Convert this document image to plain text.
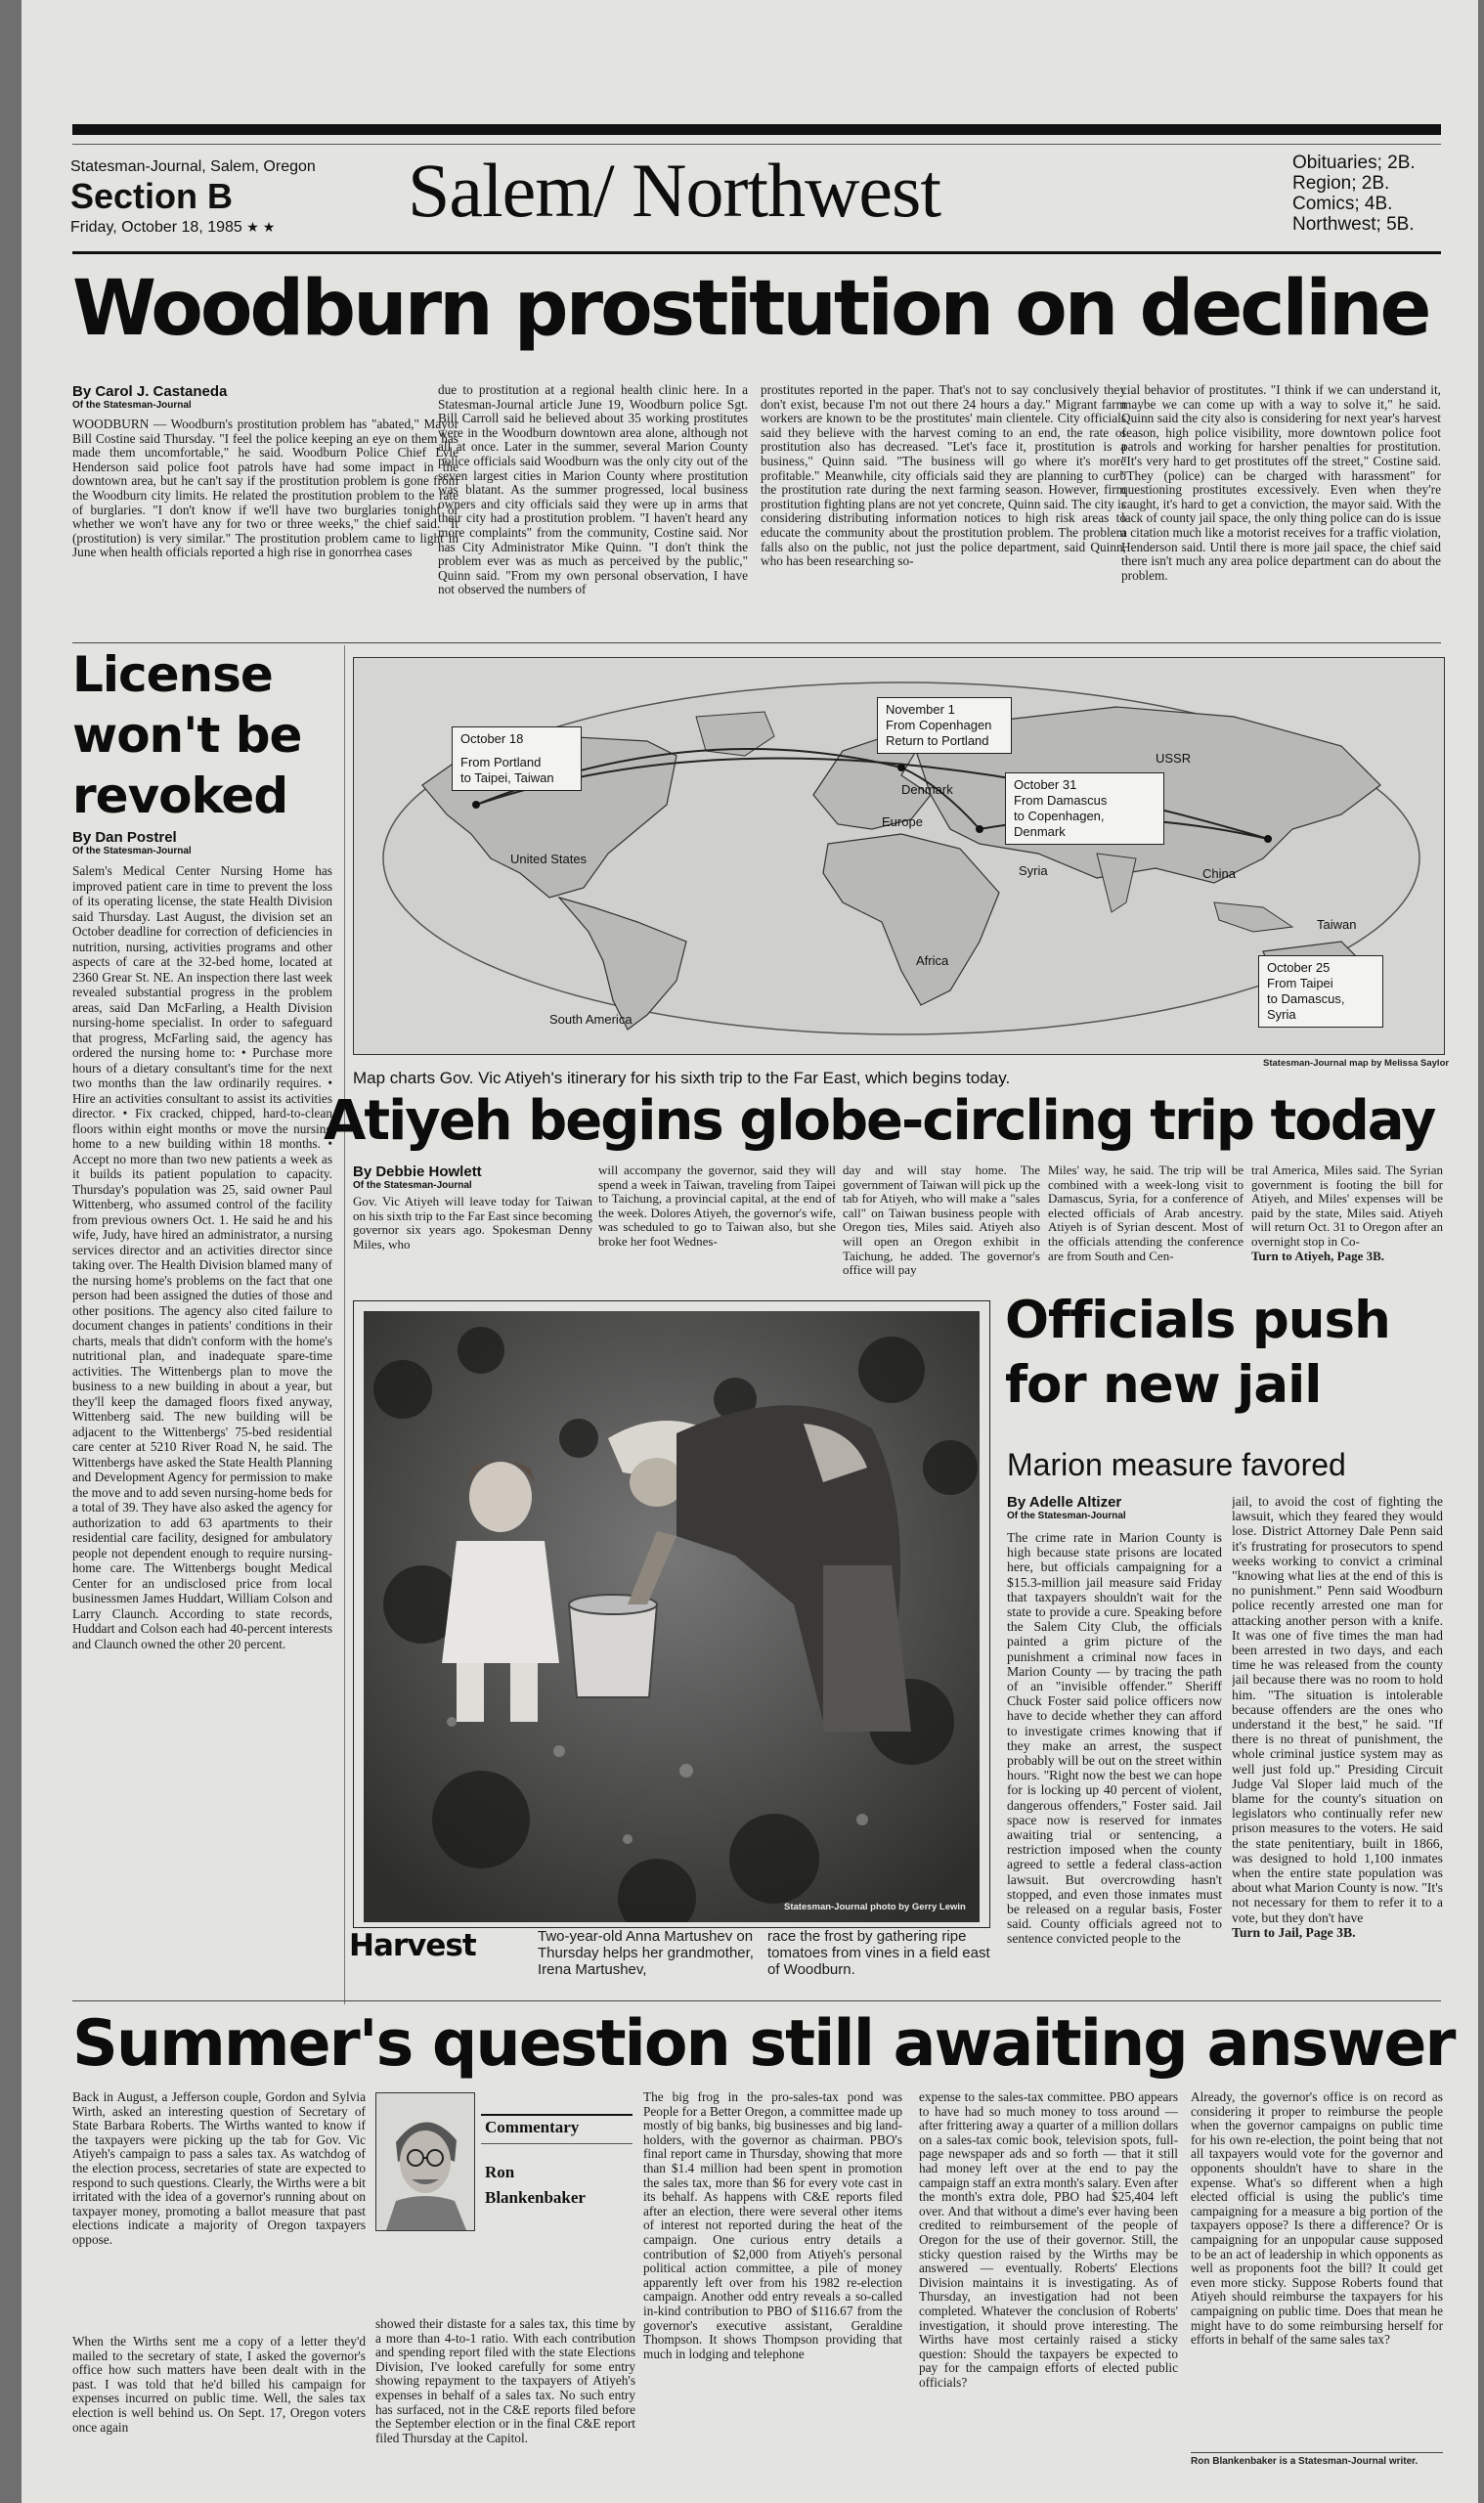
Statesman-Journal, Salem, Oregon
Section B
Friday, October 18, 1985 ★ ★ Salem/ Northwest	Obituaries; 2B.
Region; 2B.
Comics; 4B.
Northwest; 5B.
Woodburn prostitution on decline
By Carol J. Castaneda
Of the Statesman-Journal
WOODBURN — Woodburn's prostitution problem has "abated," Mayor Bill Costine said Thursday. "I feel the police keeping an eye on them has made them uncomfortable," he said. Woodburn Police Chief Lyle Henderson said police foot patrols have had some impact in the downtown area, but he can't say if the prostitution problem is gone from the Woodburn city limits. He related the prostitution problem to the rate of burglaries. "I don't know if we'll have two burglaries tonight or whether we won't have any for two or three weeks," the chief said. "It (prostitution) is very similar." The prostitution problem came to light in June when health officials reported a high rise in gonorrhea cases
due to prostitution at a regional health clinic here. In a Statesman-Journal article June 19, Woodburn police Sgt. Bill Carroll said he believed about 35 working prostitutes were in the Woodburn downtown area alone, although not all at once. Later in the summer, several Marion County police officials said Woodburn was the only city out of the seven largest cities in Marion County where prostitution was blatant. As the summer progressed, local business owners and city officials said they were up in arms that their city had a prostitution problem. "I haven't heard any more complaints" from the community, Costine said. Nor has City Administrator Mike Quinn. "I don't think the problem ever was as much as perceived by the public," Quinn said. "From my own personal observation, I have not observed the numbers of
prostitutes reported in the paper. That's not to say conclusively they don't exist, because I'm not out there 24 hours a day." Migrant farm workers are known to be the prostitutes' main clientele. City officials said they believe with the harvest coming to an end, the rate of prostitution also has decreased. "Let's face it, prostitution is a business," Quinn said. "The business will go where it's more profitable." Meanwhile, city officials said they are planning to curb the prostitution rate during the next farming season. However, firm prostitution fighting plans are not yet concrete, Quinn said. The city is considering distributing information notices to high risk areas to educate the community about the prostitution problem. The problem falls also on the public, not just the police department, said Quinn, who has been researching so-
cial behavior of prostitutes. "I think if we can understand it, maybe we can come up with a way to solve it," he said. Quinn said the city also is considering for next year's harvest season, high police visibility, more downtown police foot patrols and working for harsher penalties for prostitution. "It's very hard to get prostitutes off the street," Costine said. "They (police) can be charged with harassment" for questioning prostitutes excessively. Even when they're caught, it's hard to get a conviction, the mayor said. With the lack of county jail space, the only thing police can do is issue a citation much like a motorist receives for a traffic violation, Henderson said. Until there is more jail space, the chief said there isn't much any area police department can do about the problem.
License
won't be
revoked
By Dan Postrel
Of the Statesman-Journal
Salem's Medical Center Nursing Home has improved patient care in time to prevent the loss of its operating license, the state Health Division said Thursday. Last August, the division set an October deadline for correction of deficiencies in nutrition, nursing, activities programs and other aspects of care at the 32-bed home, located at 2360 Grear St. NE. An inspection there last week revealed substantial progress in the problem areas, said Dan McFarling, a Health Division nursing-home specialist. In order to safeguard that progress, McFarling said, the agency has ordered the nursing home to: • Purchase more hours of a dietary consultant's time for the next two months than the law ordinarily requires. • Hire an activities consultant to assist its activities director. • Fix cracked, chipped, hard-to-clean floors within eight months or move the nursing home to a new building within 18 months. • Accept no more than two new patients a week as it builds its patient population to capacity. Thursday's population was 25, said owner Paul Wittenberg, who assumed control of the facility from previous owners Oct. 1. He said he and his wife, Judy, have hired an administrator, a nursing services director and an activities director since taking over. The Health Division blamed many of the nursing home's problems on the fact that one person had been assigned the duties of those and other positions. The agency also cited failure to document changes in patients' conditions in their charts, meals that didn't conform with the home's nutritional plan, and inadequate spare-time activities. The Wittenbergs plan to move the business to a new building in about a year, but they'll keep the damaged floors fixed anyway, Wittenberg said. The new building will be adjacent to the Wittenbergs' 75-bed residential care center at 5210 River Road N, he said. The Wittenbergs have asked the State Health Planning and Development Agency for permission to make the move and to add seven nursing-home beds for a total of 39. They have also asked the agency for authorization to add 63 apartments to their residential care facility, designed for ambulatory people not dependent enough to require nursing-home care. The Wittenbergs bought Medical Center for an undisclosed price from local businessmen James Huddart, William Colson and Larry Claunch. According to state records, Huddart and Colson each had 40-percent interests and Claunch owned the other 20 percent.
United States
South America
Africa
Europe
Denmark
USSR
China
Syria
Taiwan
October 18
From Portland
to Taipei, Taiwan
November 1
From Copenhagen
Return to Portland
October 31
From Damascus
to Copenhagen, Denmark
October 25
From Taipei
to Damascus, Syria
Statesman-Journal map by Melissa Saylor
Map charts Gov. Vic Atiyeh's itinerary for his sixth trip to the Far East, which begins today.
Atiyeh begins globe-circling trip today
By Debbie Howlett
Of the Statesman-Journal
Gov. Vic Atiyeh will leave today for Taiwan on his sixth trip to the Far East since becoming governor six years ago. Spokesman Denny Miles, who
will accompany the governor, said they will spend a week in Taiwan, traveling from Taipei to Taichung, a provincial capital, at the end of the week. Dolores Atiyeh, the governor's wife, was scheduled to go to Taiwan also, but she broke her foot Wednes-
day and will stay home. The government of Taiwan will pick up the tab for Atiyeh, who will make a "sales call" on Taiwan business people with Oregon ties, Miles said. Atiyeh also will open an Oregon exhibit in Taichung, he added. The governor's office will pay
Miles' way, he said. The trip will be combined with a week-long visit to Damascus, Syria, for a conference of elected officials of Arab ancestry. Atiyeh is of Syrian descent. Most of the officials attending the conference are from South and Cen-
tral America, Miles said. The Syrian government is footing the bill for Atiyeh, and Miles' expenses will be paid by the state, Miles said. Atiyeh will return Oct. 31 to Oregon after an overnight stop in Co-
Turn to Atiyeh, Page 3B.
Statesman-Journal photo by Gerry Lewin
Harvest	Two-year-old Anna Martushev on Thursday helps her grandmother, Irena Martushev,
race the frost by gathering ripe tomatoes from vines in a field east of Woodburn.
Officials push
for new jail
Marion measure favored
By Adelle Altizer
Of the Statesman-Journal
The crime rate in Marion County is high because state prisons are located here, but officials campaigning for a $15.3-million jail measure said Friday that taxpayers shouldn't wait for the state to provide a cure. Speaking before the Salem City Club, the officials painted a grim picture of the punishment a criminal now faces in Marion County — by tracing the path of an "invisible offender." Sheriff Chuck Foster said police officers now have to decide whether they can afford to investigate crimes knowing that if they make an arrest, the suspect probably will be out on the street within hours. "Right now the best we can hope for is locking up 40 percent of violent, dangerous offenders," Foster said. Jail space now is reserved for inmates awaiting trial or sentencing, a restriction imposed when the county agreed to settle a federal class-action lawsuit. But overcrowding hasn't stopped, and even those inmates must be released on a regular basis, Foster said. County officials agreed not to sentence convicted people to the
jail, to avoid the cost of fighting the lawsuit, which they feared they would lose. District Attorney Dale Penn said it's frustrating for prosecutors to spend weeks working to convict a criminal "knowing what lies at the end of this is no punishment." Penn said Woodburn police recently arrested one man for attacking another person with a knife. It was one of five times the man had been arrested in two days, and each time he was released from the county jail because there was no room to hold him. "The situation is intolerable because offenders are the ones who understand it the best," he said. "If there is no threat of punishment, the whole criminal justice system may as well just fold up." Presiding Circuit Judge Val Sloper laid much of the blame for the county's situation on legislators who continually refer new prison measures to the voters. He said the state penitentiary, built in 1866, was designed to hold 1,100 inmates when the entire state population was about what Marion County is now. "It's not necessary for them to refer it to a vote, but they don't have
Turn to Jail, Page 3B.
Summer's question still awaiting answer
Back in August, a Jefferson couple, Gordon and Sylvia Wirth, asked an interesting question of Secretary of State Barbara Roberts. The Wirths wanted to know if the taxpayers were picking up the tab for Gov. Vic Atiyeh's campaign to pass a sales tax. As watchdog of the election process, secretaries of state are expected to respond to such questions. Clearly, the Wirths were a bit irritated with the idea of a governor's running about on taxpayer money, promoting a ballot measure that past elections indicate a majority of Oregon taxpayers oppose.
When the Wirths sent me a copy of a letter they'd mailed to the secretary of state, I asked the governor's office how such matters have been dealt with in the past. I was told that he'd billed his campaign for expenses incurred on public time. Well, the sales tax election is well behind us. On Sept. 17, Oregon voters once again
Commentary
Ron
Blankenbaker
showed their distaste for a sales tax, this time by a more than 4-to-1 ratio. With each contribution and spending report filed with the state Elections Division, I've looked carefully for some entry showing repayment to the taxpayers of Atiyeh's expenses in behalf of a sales tax. No such entry has surfaced, not in the C&E reports filed before the September election or in the final C&E report filed Thursday at the Capitol.
The big frog in the pro-sales-tax pond was People for a Better Oregon, a committee made up mostly of big banks, big businesses and big land-holders, with the governor as chairman. PBO's final report came in Thursday, showing that more than $1.4 million had been spent in promotion the sales tax, more than $6 for every vote cast in its behalf. As happens with C&E reports filed after an election, there were several other items of interest not reported during the heat of the campaign. One curious entry details a contribution of $2,000 from Atiyeh's personal political action committee, a pile of money apparently left over from his 1982 re-election campaign. Another odd entry reveals a so-called in-kind contribution to PBO of $116.67 from the governor's executive assistant, Geraldine Thompson. It shows Thompson providing that much in lodging and telephone
expense to the sales-tax committee. PBO appears to have had so much money to toss around — after frittering away a quarter of a million dollars on a sales-tax comic book, television spots, full-page newspaper ads and so forth — that it still had money left over at the end to pay the campaign staff an extra month's salary. Even after the month's extra dole, PBO had $25,404 left over. And that without a dime's ever having been credited to reimbursement of the people of Oregon for the use of their governor. Still, the sticky question raised by the Wirths may be answered — eventually. Roberts' Elections Division maintains it is investigating. As of Thursday, an investigation had not been completed. Whatever the conclusion of Roberts' investigation, it should prove interesting. The Wirths have most certainly raised a sticky question: Should the taxpayers be expected to pay for the campaign efforts of elected public officials?
Already, the governor's office is on record as considering it proper to reimburse the people when the governor campaigns on public time for his own re-election, the point being that not all taxpayers would vote for the governor and opponents shouldn't have to share in the expense. What's so different when a high elected official is using the public's time campaigning for a measure a big portion of the taxpayers oppose? Is there a difference? Or is campaigning for an unpopular cause supposed to be an act of leadership in which opponents as well as proponents foot the bill? It could get even more sticky. Suppose Roberts found that Atiyeh should reimburse the taxpayers for his campaigning on public time. Does that mean he might have to do some reimbursing herself for efforts in behalf of the same sales tax?
Ron Blankenbaker is a Statesman-Journal writer.
